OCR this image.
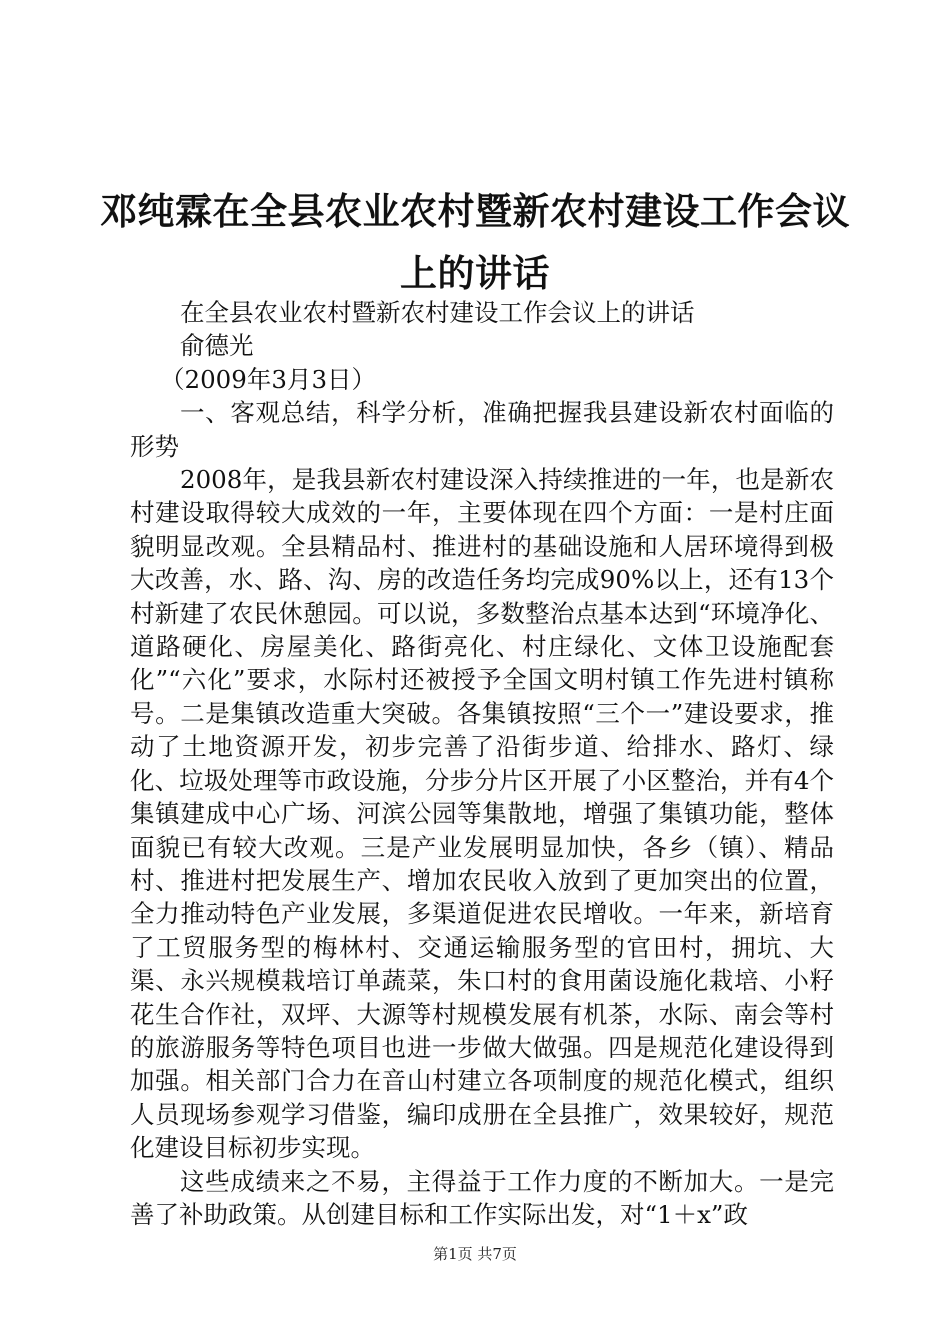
邓纯霖在全县农业农村暨新农村建设工作会议上的讲话

在全县农业农村暨新农村建设工作会议上的讲话

俞德光

（2009年3月3日）

一、客观总结，科学分析，准确把握我县建设新农村面临的形势

2008年，是我县新农村建设深入持续推进的一年，也是新农村建设取得较大成效的一年，主要体现在四个方面：一是村庄面貌明显改观。全县精品村、推进村的基础设施和人居环境得到极大改善，水、路、沟、房的改造任务均完成90%以上，还有13个村新建了农民休憩园。可以说，多数整治点基本达到“环境净化、道路硬化、房屋美化、路街亮化、村庄绿化、文体卫设施配套化”“六化”要求，水际村还被授予全国文明村镇工作先进村镇称号。二是集镇改造重大突破。各集镇按照“三个一”建设要求，推动了土地资源开发，初步完善了沿街步道、给排水、路灯、绿化、垃圾处理等市政设施，分步分片区开展了小区整治，并有4个集镇建成中心广场、河滨公园等集散地，增强了集镇功能，整体面貌已有较大改观。三是产业发展明显加快，各乡（镇）、精品村、推进村把发展生产、增加农民收入放到了更加突出的位置，全力推动特色产业发展，多渠道促进农民增收。一年来，新培育了工贸服务型的梅林村、交通运输服务型的官田村，拥坑、大渠、永兴规模栽培订单蔬菜，朱口村的食用菌设施化栽培、小籽花生合作社，双坪、大源等村规模发展有机茶，水际、南会等村的旅游服务等特色项目也进一步做大做强。四是规范化建设得到加强。相关部门合力在音山村建立各项制度的规范化模式，组织人员现场参观学习借鉴，编印成册在全县推广，效果较好，规范化建设目标初步实现。

这些成绩来之不易，主得益于工作力度的不断加大。一是完善了补助政策。从创建目标和工作实际出发，对“1＋x”政

第1页 共7页
